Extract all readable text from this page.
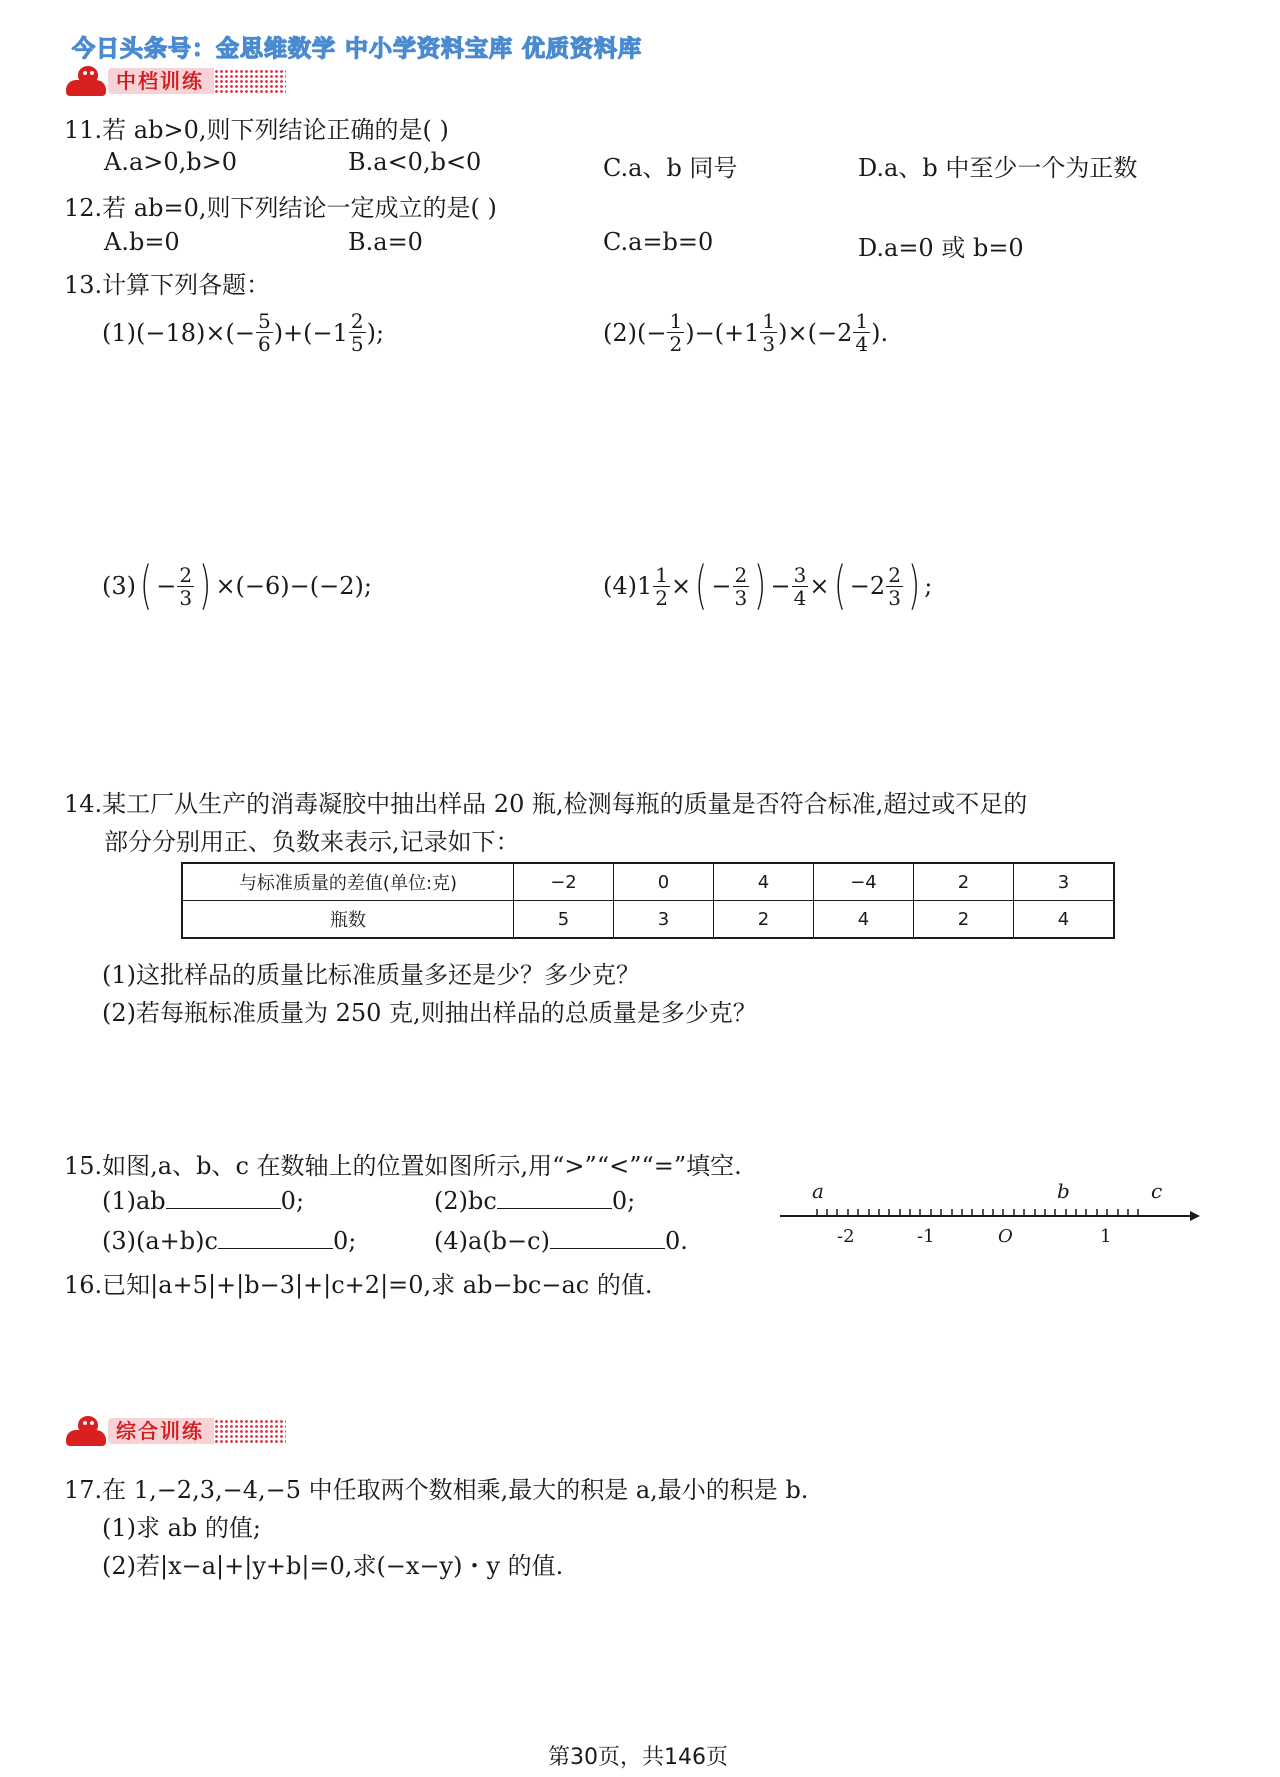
今日头条号：金思维数学 中小学资料宝库 优质资料库
中档训练
11.若 ab>0,则下列结论正确的是( )
A.a>0,b>0	B.a<0,b<0	C.a、b 同号	D.a、b 中至少一个为正数
12.若 ab=0,则下列结论一定成立的是( )
A.b=0	B.a=0	C.a=b=0	D.a=0 或 b=0
13.计算下列各题：
$(1)(-18)\times(- \frac{5}{6} )+(-1 \frac{2}{5}$ );	$(2)(- \frac{1}{2} )-(+1 \frac{1}{3} )\times(-2 \frac{1}{4}$ ).
(3) ( − $\frac{2}{3}$ ) ×(−6)−(−2);	$(4)1 \frac{1}{2}$ × ( − $\frac{2}{3}$ ) − $\frac{3}{4}$ × ( $-2 \frac{2}{3}$ ) ;
14.某工厂从生产的消毒凝胶中抽出样品 20 瓶,检测每瓶的质量是否符合标准,超过或不足的
部分分别用正、负数来表示,记录如下：
与标准质量的差值(单位:克)	−2	0	4	−4	2	3
瓶数	5	3	2	4	2	4
(1)这批样品的质量比标准质量多还是少？多少克？
(2)若每瓶标准质量为 250 克,则抽出样品的总质量是多少克？
15.如图,a、b、c 在数轴上的位置如图所示,用“>”“<”“=”填空.
(1)ab	0;	(2)bc	0;
(3)(a+b)c	0;	(4)a(b−c)	0.
a	b	c
-2	-1	O	1
16.已知|a+5|+|b−3|+|c+2|=0,求 ab−bc−ac 的值.
综合训练
17.在 1,−2,3,−4,−5 中任取两个数相乘,最大的积是 a,最小的积是 b.
(1)求 ab 的值;
(2)若|x−a|+|y+b|=0,求(−x−y)・y 的值.
第30页，共146页
